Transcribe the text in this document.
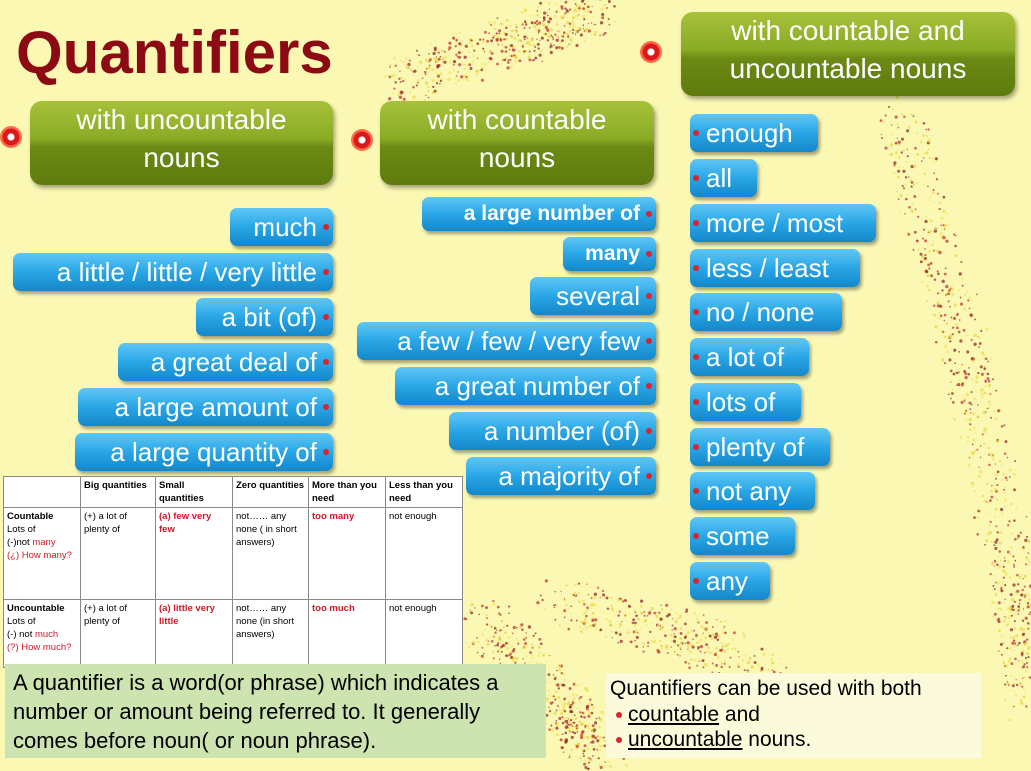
Quantifiers
with uncountable
nouns
with countable
nouns
with countable and
uncountable nouns
much
a little / little / very little
a bit (of)
a great deal of
a large amount of
a large quantity of
a large number of
many
several
a few / few / very few
a great number of
a number (of)
a majority of
enough
all
more / most
less / least
no / none
a lot of
lots of
plenty of
not any
some
any
	Big quantities	Small quantities	Zero quantities	More than you need	Less than you need

Countable
Lots of
(-)not many
(¿) How many?	(+) a lot of plenty of	(a) few very few	not…… any none ( in short answers)	too many	not enough

Uncountable
Lots of
(-) not much
(?) How much?	(+) a lot of plenty of	(a) little very little	not…… any none (in short answers)	too much	not enough
A quantifier is a word(or phrase) which indicates a number or amount being referred to. It generally comes before noun( or noun phrase).
Quantifiers can be used with both
countable and
uncountable nouns.
